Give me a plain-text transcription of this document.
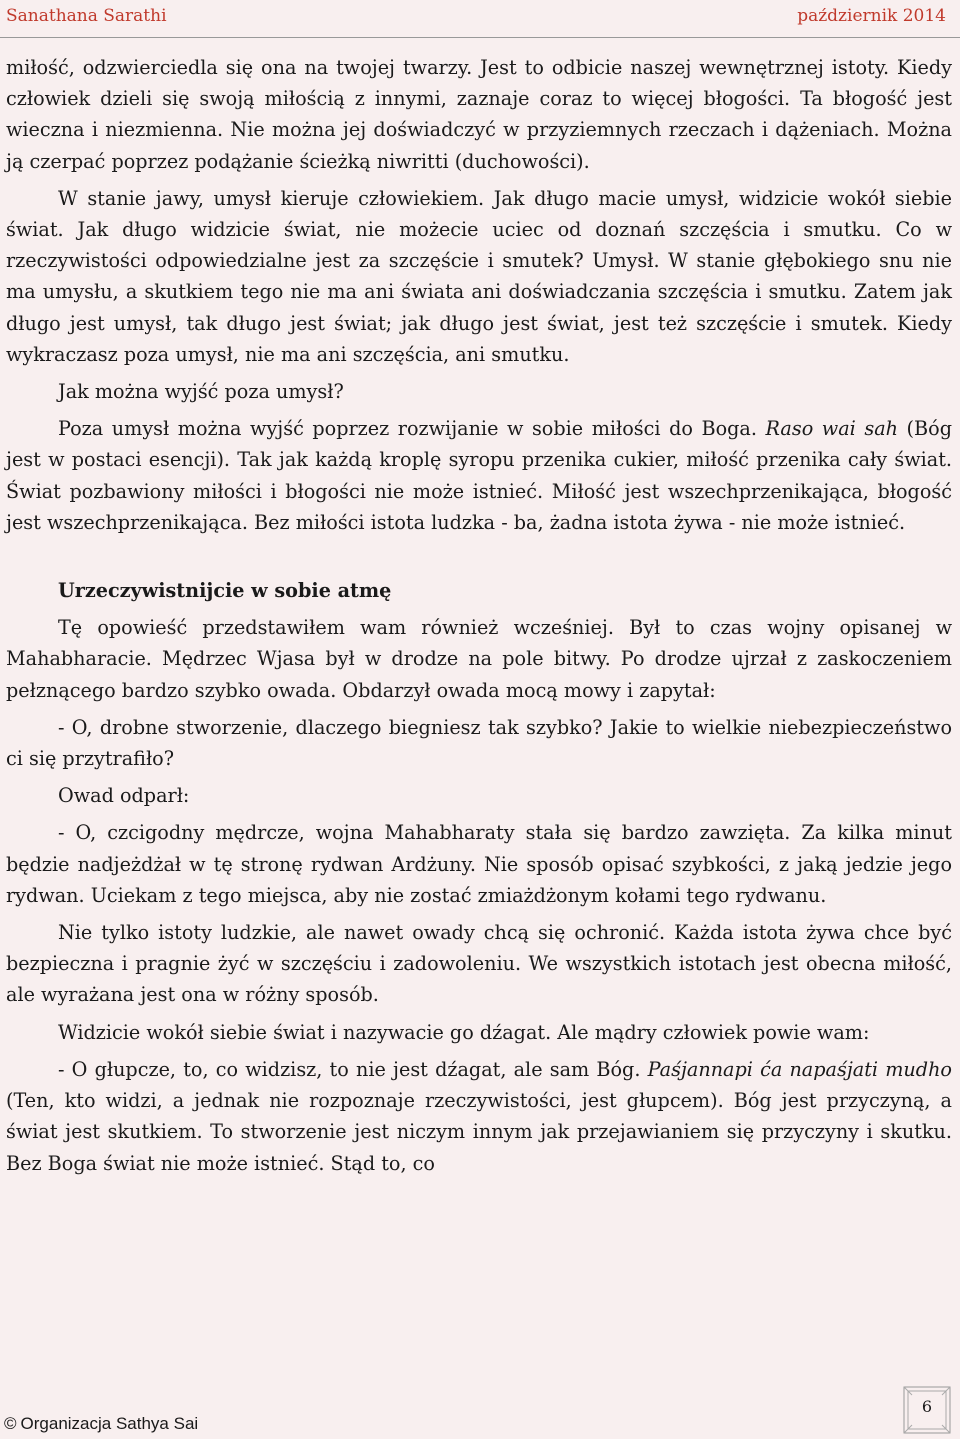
Sanathana Sarathi	październik 2014

miłość, odzwierciedla się ona na twojej twarzy. Jest to odbicie naszej wewnętrznej istoty. Kiedy człowiek dzieli się swoją miłością z innymi, zaznaje coraz to więcej błogości. Ta błogość jest wieczna i niezmienna. Nie można jej doświadczyć w przyziemnych rzeczach i dążeniach. Można ją czerpać poprzez podążanie ścieżką niwritti (duchowości).

W stanie jawy, umysł kieruje człowiekiem. Jak długo macie umysł, widzicie wokół siebie świat. Jak długo widzicie świat, nie możecie uciec od doznań szczęścia i smutku. Co w rzeczywistości odpowiedzialne jest za szczęście i smutek? Umysł. W stanie głębokiego snu nie ma umysłu, a skutkiem tego nie ma ani świata ani doświadczania szczęścia i smutku. Zatem jak długo jest umysł, tak długo jest świat; jak długo jest świat, jest też szczęście i smutek. Kiedy wykraczasz poza umysł, nie ma ani szczęścia, ani smutku.

Jak można wyjść poza umysł?

Poza umysł można wyjść poprzez rozwijanie w sobie miłości do Boga. Raso wai sah (Bóg jest w postaci esencji). Tak jak każdą kroplę syropu przenika cukier, miłość przenika cały świat. Świat pozbawiony miłości i błogości nie może istnieć. Miłość jest wszechprzenikająca, błogość jest wszechprzenikająca. Bez miłości istota ludzka - ba, żadna istota żywa - nie może istnieć.

Urzeczywistnijcie w sobie atmę

Tę opowieść przedstawiłem wam również wcześniej. Był to czas wojny opisanej w Mahabharacie. Mędrzec Wjasa był w drodze na pole bitwy. Po drodze ujrzał z zaskoczeniem pełznącego bardzo szybko owada. Obdarzył owada mocą mowy i zapytał:

- O, drobne stworzenie, dlaczego biegniesz tak szybko? Jakie to wielkie niebezpieczeństwo ci się przytrafiło?

Owad odparł:

- O, czcigodny mędrcze, wojna Mahabharaty stała się bardzo zawzięta. Za kilka minut będzie nadjeżdżał w tę stronę rydwan Ardżuny. Nie sposób opisać szybkości, z jaką jedzie jego rydwan. Uciekam z tego miejsca, aby nie zostać zmiażdżonym kołami tego rydwanu.

Nie tylko istoty ludzkie, ale nawet owady chcą się ochronić. Każda istota żywa chce być bezpieczna i pragnie żyć w szczęściu i zadowoleniu. We wszystkich istotach jest obecna miłość, ale wyrażana jest ona w różny sposób.

Widzicie wokół siebie świat i nazywacie go dźagat. Ale mądry człowiek powie wam:

- O głupcze, to, co widzisz, to nie jest dźagat, ale sam Bóg. Paśjannapi ća napaśjati mudho (Ten, kto widzi, a jednak nie rozpoznaje rzeczywistości, jest głupcem). Bóg jest przyczyną, a świat jest skutkiem. To stworzenie jest niczym innym jak przejawianiem się przyczyny i skutku. Bez Boga świat nie może istnieć. Stąd to, co

© Organizacja Sathya Sai
6
